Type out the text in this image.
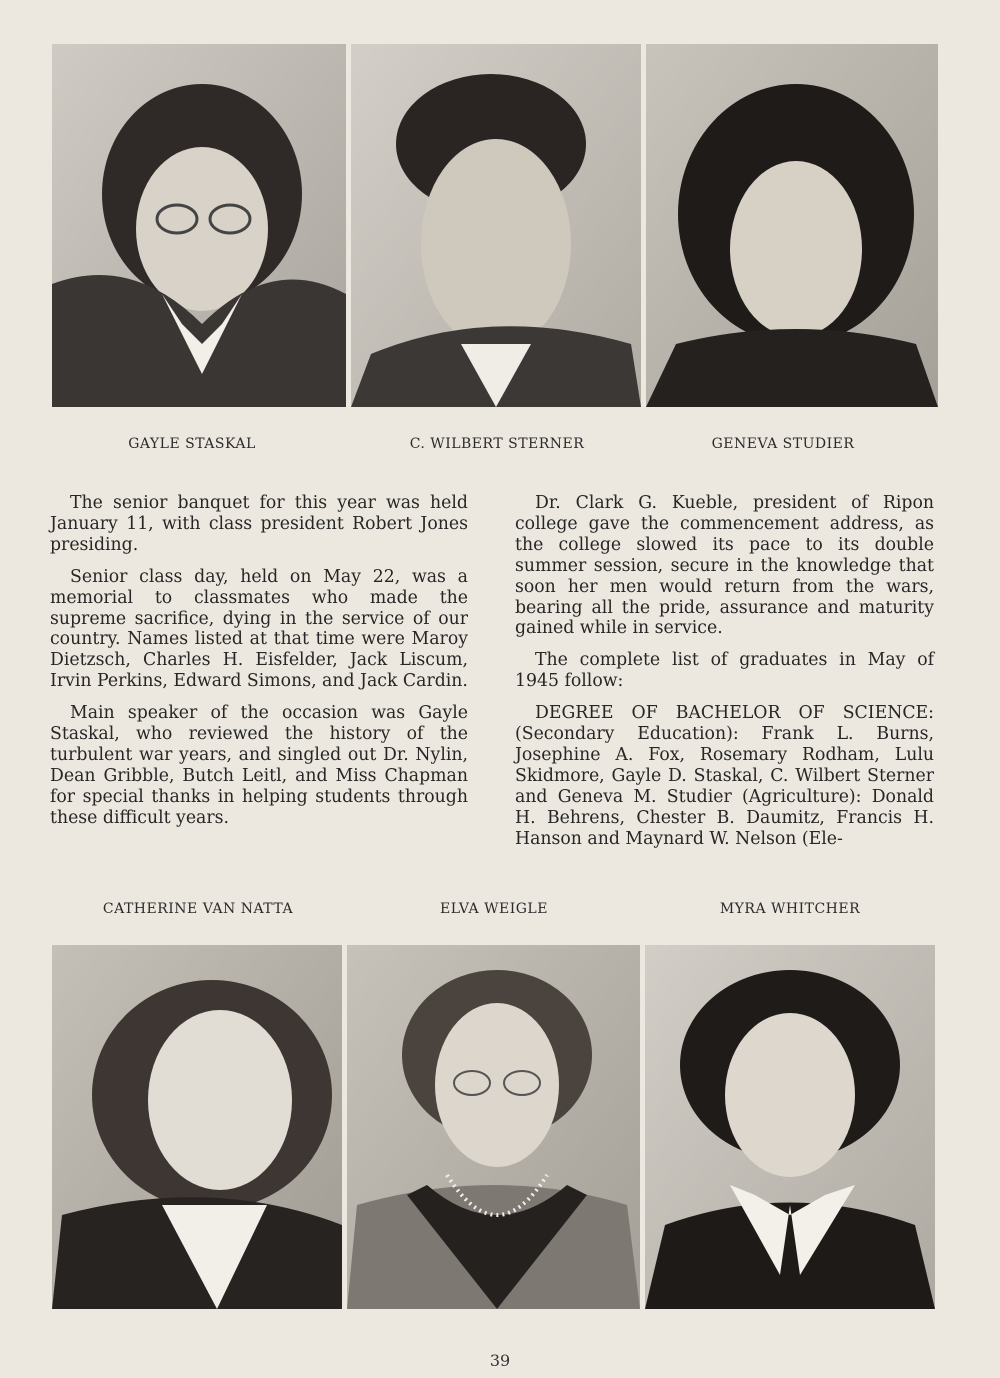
GAYLE STASKAL	C. WILBERT STERNER	GENEVA STUDIER

The senior banquet for this year was held January 11, with class president Robert Jones presiding.

Senior class day, held on May 22, was a memorial to classmates who made the supreme sacrifice, dying in the service of our country. Names listed at that time were Maroy Dietzsch, Charles H. Eisfelder, Jack Liscum, Irvin Perkins, Edward Simons, and Jack Cardin.

Main speaker of the occasion was Gayle Staskal, who reviewed the history of the turbulent war years, and singled out Dr. Nylin, Dean Gribble, Butch Leitl, and Miss Chapman for special thanks in helping students through these difficult years.

Dr. Clark G. Kueble, president of Ripon college gave the commencement address, as the college slowed its pace to its double summer session, secure in the knowledge that soon her men would return from the wars, bearing all the pride, assurance and maturity gained while in service.

The complete list of graduates in May of 1945 follow:

DEGREE OF BACHELOR OF SCIENCE: (Secondary Education): Frank L. Burns, Josephine A. Fox, Rosemary Rodham, Lulu Skidmore, Gayle D. Staskal, C. Wilbert Sterner and Geneva M. Studier (Agriculture): Donald H. Behrens, Chester B. Daumitz, Francis H. Hanson and Maynard W. Nelson (Ele-

CATHERINE VAN NATTA	ELVA WEIGLE	MYRA WHITCHER
39
